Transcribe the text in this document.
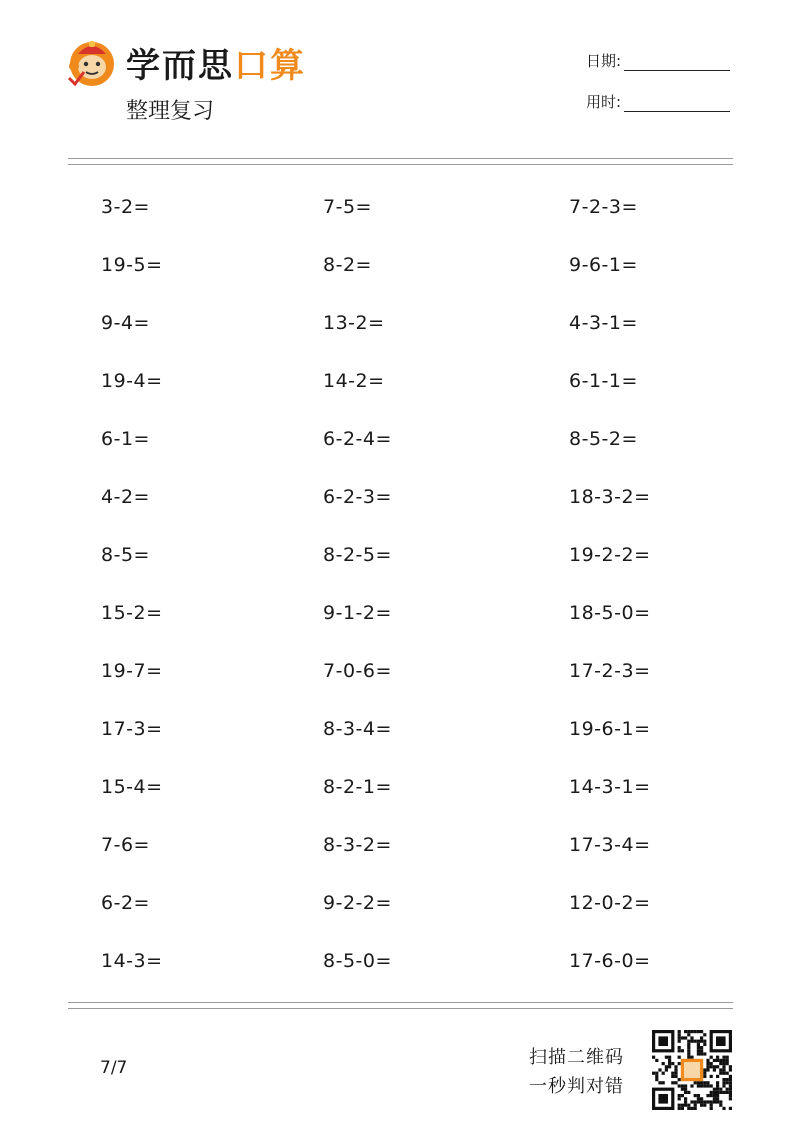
学而思口算
整理复习
日期:
用时:
3-2=
19-5=
9-4=
19-4=
6-1=
4-2=
8-5=
15-2=
19-7=
17-3=
15-4=
7-6=
6-2=
14-3=
7-5=
8-2=
13-2=
14-2=
6-2-4=
6-2-3=
8-2-5=
9-1-2=
7-0-6=
8-3-4=
8-2-1=
8-3-2=
9-2-2=
8-5-0=
7-2-3=
9-6-1=
4-3-1=
6-1-1=
8-5-2=
18-3-2=
19-2-2=
18-5-0=
17-2-3=
19-6-1=
14-3-1=
17-3-4=
12-0-2=
17-6-0=
7/7	扫描二维码
一秒判对错
